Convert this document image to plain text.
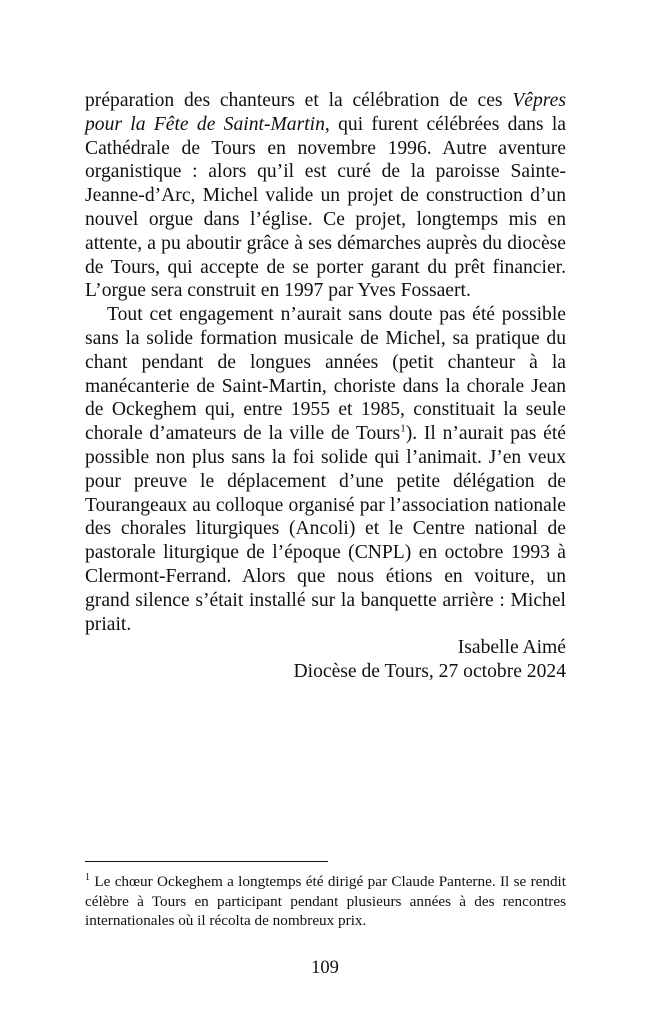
préparation des chanteurs et la célébration de ces Vêpres pour la Fête de Saint-Martin, qui furent célébrées dans la Cathédrale de Tours en novembre 1996. Autre aventure organistique : alors qu’il est curé de la paroisse Sainte-Jeanne-d’Arc, Michel valide un projet de construction d’un nouvel orgue dans l’église. Ce projet, longtemps mis en attente, a pu aboutir grâce à ses démarches auprès du diocèse de Tours, qui accepte de se porter garant du prêt financier. L’orgue sera construit en 1997 par Yves Fossaert.

Tout cet engagement n’aurait sans doute pas été possible sans la solide formation musicale de Michel, sa pratique du chant pendant de longues années (petit chanteur à la manécanterie de Saint-Martin, choriste dans la chorale Jean de Ockeghem qui, entre 1955 et 1985, constituait la seule chorale d’amateurs de la ville de Tours$^1$). Il n’aurait pas été possible non plus sans la foi solide qui l’animait. J’en veux pour preuve le déplacement d’une petite délégation de Tourangeaux au colloque organisé par l’association nationale des chorales liturgiques (Ancoli) et le Centre national de pastorale liturgique de l’époque (CNPL) en octobre 1993 à Clermont-Ferrand. Alors que nous étions en voiture, un grand silence s’était installé sur la banquette arrière : Michel priait.

Isabelle Aimé

Diocèse de Tours, 27 octobre 2024

$^1$ Le chœur Ockeghem a longtemps été dirigé par Claude Panterne. Il se rendit célèbre à Tours en participant pendant plusieurs années à des rencontres internationales où il récolta de nombreux prix.

109
